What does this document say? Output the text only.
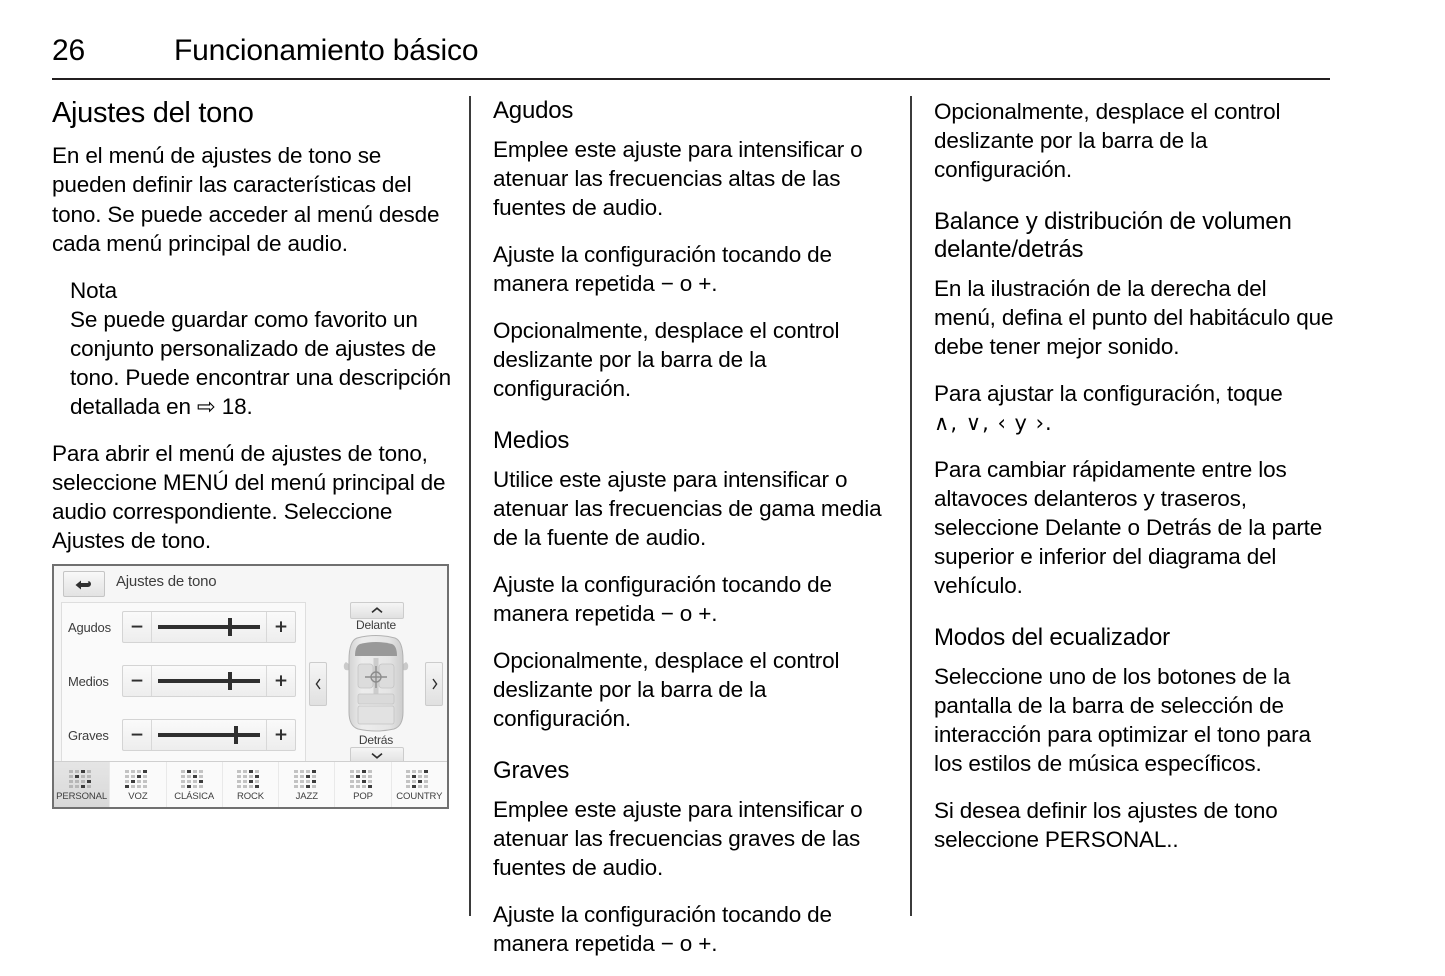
26	Funcionamiento básico
Ajustes del tono

En el menú de ajustes de tono se pueden definir las características del tono. Se puede acceder al menú desde cada menú principal de audio.

Nota

Se puede guardar como favorito un conjunto personalizado de ajustes de tono. Puede encontrar una descripción detallada en ⇨ 18.

Para abrir el menú de ajustes de tono, seleccione MENÚ del menú principal de audio correspondiente. Seleccione Ajustes de tono.

Ajustes de tono
Agudos	−	+
Medios	−	+
Graves	−	+
Delante
Detrás
PERSONAL VOZ	CLÁSICA ROCK	JAZZ	POP COUNTRY
Agudos

Emplee este ajuste para intensificar o atenuar las frecuencias altas de las fuentes de audio.

Ajuste la configuración tocando de manera repetida − o +.

Opcionalmente, desplace el control deslizante por la barra de la configuración.

Medios

Utilice este ajuste para intensificar o atenuar las frecuencias de gama media de la fuente de audio.

Ajuste la configuración tocando de manera repetida − o +.

Opcionalmente, desplace el control deslizante por la barra de la configuración.

Graves

Emplee este ajuste para intensificar o atenuar las frecuencias graves de las fuentes de audio.

Ajuste la configuración tocando de manera repetida − o +.

Opcionalmente, desplace el control deslizante por la barra de la configuración.

Balance y distribución de volumen delante/detrás

En la ilustración de la derecha del menú, defina el punto del habitáculo que debe tener mejor sonido.

Para ajustar la configuración, toque
∧, ∨, ‹ y ›.

Para cambiar rápidamente entre los altavoces delanteros y traseros, seleccione Delante o Detrás de la parte superior e inferior del diagrama del vehículo.

Modos del ecualizador

Seleccione uno de los botones de la pantalla de la barra de selección de interacción para optimizar el tono para los estilos de música específicos.

Si desea definir los ajustes de tono seleccione PERSONAL..
